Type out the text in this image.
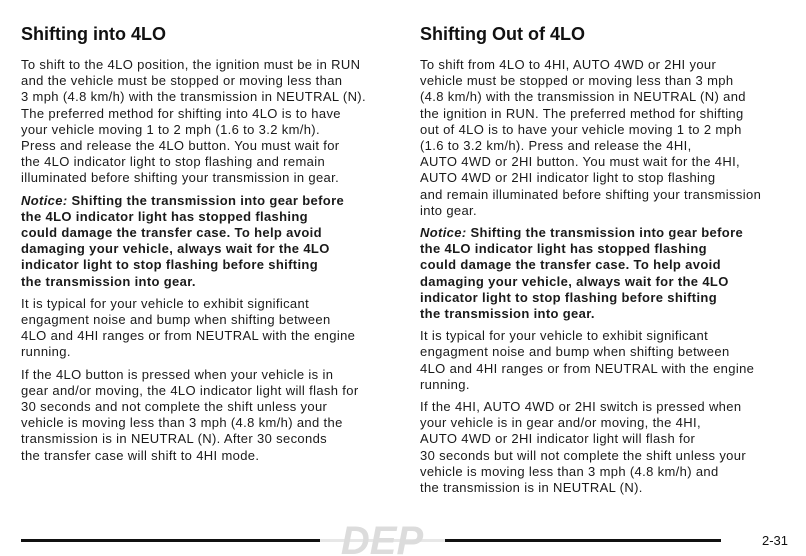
Shifting into 4LO

To shift to the 4LO position, the ignition must be in RUN
and the vehicle must be stopped or moving less than
3 mph (4.8 km/h) with the transmission in NEUTRAL (N).
The preferred method for shifting into 4LO is to have
your vehicle moving 1 to 2 mph (1.6 to 3.2 km/h).
Press and release the 4LO button. You must wait for
the 4LO indicator light to stop flashing and remain
illuminated before shifting your transmission in gear.

Notice: Shifting the transmission into gear before
the 4LO indicator light has stopped flashing
could damage the transfer case. To help avoid
damaging your vehicle, always wait for the 4LO
indicator light to stop flashing before shifting
the transmission into gear.

It is typical for your vehicle to exhibit significant
engagment noise and bump when shifting between
4LO and 4HI ranges or from NEUTRAL with the engine
running.

If the 4LO button is pressed when your vehicle is in
gear and/or moving, the 4LO indicator light will flash for
30 seconds and not complete the shift unless your
vehicle is moving less than 3 mph (4.8 km/h) and the
transmission is in NEUTRAL (N). After 30 seconds
the transfer case will shift to 4HI mode.

Shifting Out of 4LO

To shift from 4LO to 4HI, AUTO 4WD or 2HI your
vehicle must be stopped or moving less than 3 mph
(4.8 km/h) with the transmission in NEUTRAL (N) and
the ignition in RUN. The preferred method for shifting
out of 4LO is to have your vehicle moving 1 to 2 mph
(1.6 to 3.2 km/h). Press and release the 4HI,
AUTO 4WD or 2HI button. You must wait for the 4HI,
AUTO 4WD or 2HI indicator light to stop flashing
and remain illuminated before shifting your transmission
into gear.

Notice: Shifting the transmission into gear before
the 4LO indicator light has stopped flashing
could damage the transfer case. To help avoid
damaging your vehicle, always wait for the 4LO
indicator light to stop flashing before shifting
the transmission into gear.

It is typical for your vehicle to exhibit significant
engagment noise and bump when shifting between
4LO and 4HI ranges or from NEUTRAL with the engine
running.

If the 4HI, AUTO 4WD or 2HI switch is pressed when
your vehicle is in gear and/or moving, the 4HI,
AUTO 4WD or 2HI indicator light will flash for
30 seconds but will not complete the shift unless your
vehicle is moving less than 3 mph (4.8 km/h) and
the transmission is in NEUTRAL (N).

DEP	2-31
